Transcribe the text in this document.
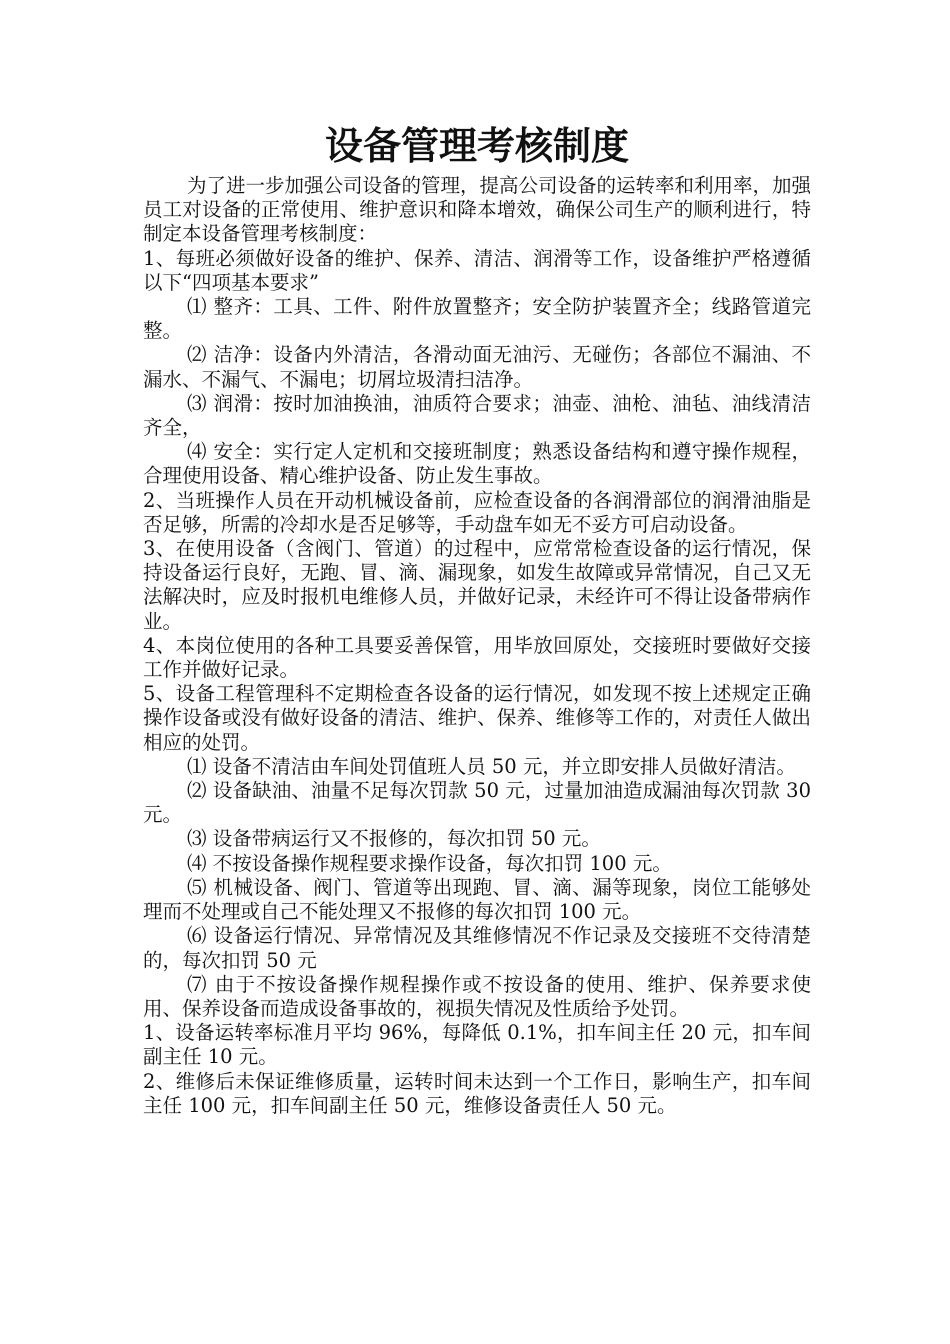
设备管理考核制度

为了进一步加强公司设备的管理，提高公司设备的运转率和利用率，加强员工对设备的正常使用、维护意识和降本增效，确保公司生产的顺利进行，特制定本设备管理考核制度：

1、每班必须做好设备的维护、保养、清洁、润滑等工作，设备维护严格遵循以下“四项基本要求”

⑴ 整齐：工具、工件、附件放置整齐；安全防护装置齐全；线路管道完整。

⑵ 洁净：设备内外清洁，各滑动面无油污、无碰伤；各部位不漏油、不漏水、不漏气、不漏电；切屑垃圾清扫洁净。

⑶ 润滑：按时加油换油，油质符合要求；油壶、油枪、油毡、油线清洁齐全，

⑷ 安全：实行定人定机和交接班制度；熟悉设备结构和遵守操作规程，合理使用设备、精心维护设备、防止发生事故。

2、当班操作人员在开动机械设备前，应检查设备的各润滑部位的润滑油脂是否足够，所需的冷却水是否足够等，手动盘车如无不妥方可启动设备。

3、在使用设备（含阀门、管道）的过程中，应常常检查设备的运行情况，保持设备运行良好，无跑、冒、滴、漏现象，如发生故障或异常情况，自己又无法解决时，应及时报机电维修人员，并做好记录，未经许可不得让设备带病作业。

4、本岗位使用的各种工具要妥善保管，用毕放回原处，交接班时要做好交接工作并做好记录。

5、设备工程管理科不定期检查各设备的运行情况，如发现不按上述规定正确操作设备或没有做好设备的清洁、维护、保养、维修等工作的，对责任人做出相应的处罚。

⑴ 设备不清洁由车间处罚值班人员 50 元，并立即安排人员做好清洁。

⑵ 设备缺油、油量不足每次罚款 50 元，过量加油造成漏油每次罚款 30 元。

⑶ 设备带病运行又不报修的，每次扣罚 50 元。

⑷ 不按设备操作规程要求操作设备，每次扣罚 100 元。

⑸ 机械设备、阀门、管道等出现跑、冒、滴、漏等现象，岗位工能够处理而不处理或自己不能处理又不报修的每次扣罚 100 元。

⑹ 设备运行情况、异常情况及其维修情况不作记录及交接班不交待清楚的，每次扣罚 50 元

⑺ 由于不按设备操作规程操作或不按设备的使用、维护、保养要求使用、保养设备而造成设备事故的，视损失情况及性质给予处罚。

1、设备运转率标准月平均 96%，每降低 0.1%，扣车间主任 20 元，扣车间副主任 10 元。

2、维修后未保证维修质量，运转时间未达到一个工作日，影响生产，扣车间主任 100 元，扣车间副主任 50 元，维修设备责任人 50 元。
